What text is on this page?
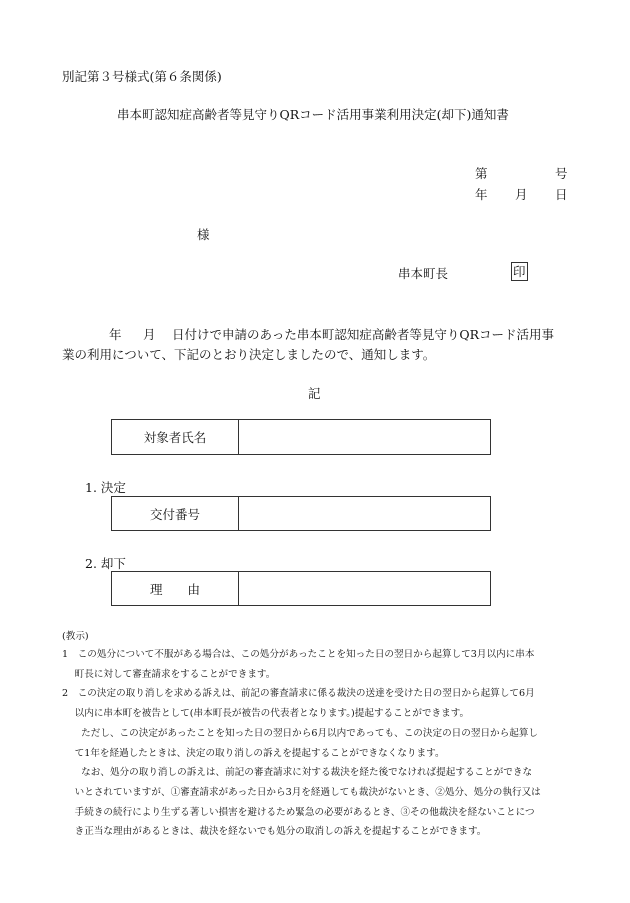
別記第３号様式(第６条関係)
串本町認知症高齢者等見守りQRコード活用事業利用決定(却下)通知書
第	号
年 月 日
様
串本町長	印
年 月 日付けで申請のあった串本町認知症高齢者等見守りQRコード活用事
業の利用について、下記のとおり決定しましたので、通知します。
記
対象者氏名
1. 決定
交付番号
2. 却下
理　　由
(教示)
1　この処分について不服がある場合は、この処分があったことを知った日の翌日から起算して3月以内に串本
　 町長に対して審査請求をすることができます。
2　この決定の取り消しを求める訴えは、前記の審査請求に係る裁決の送達を受けた日の翌日から起算して6月
　 以内に串本町を被告として(串本町長が被告の代表者となります。)提起することができます。
　　ただし、この決定があったことを知った日の翌日から6月以内であっても、この決定の日の翌日から起算し
　 て1年を経過したときは、決定の取り消しの訴えを提起することができなくなります。
　　なお、処分の取り消しの訴えは、前記の審査請求に対する裁決を経た後でなければ提起することができな
　 いとされていますが、①審査請求があった日から3月を経過しても裁決がないとき、②処分、処分の執行又は
　 手続きの続行により生ずる著しい損害を避けるため緊急の必要があるとき、③その他裁決を経ないことにつ
　 き正当な理由があるときは、裁決を経ないでも処分の取消しの訴えを提起することができます。
